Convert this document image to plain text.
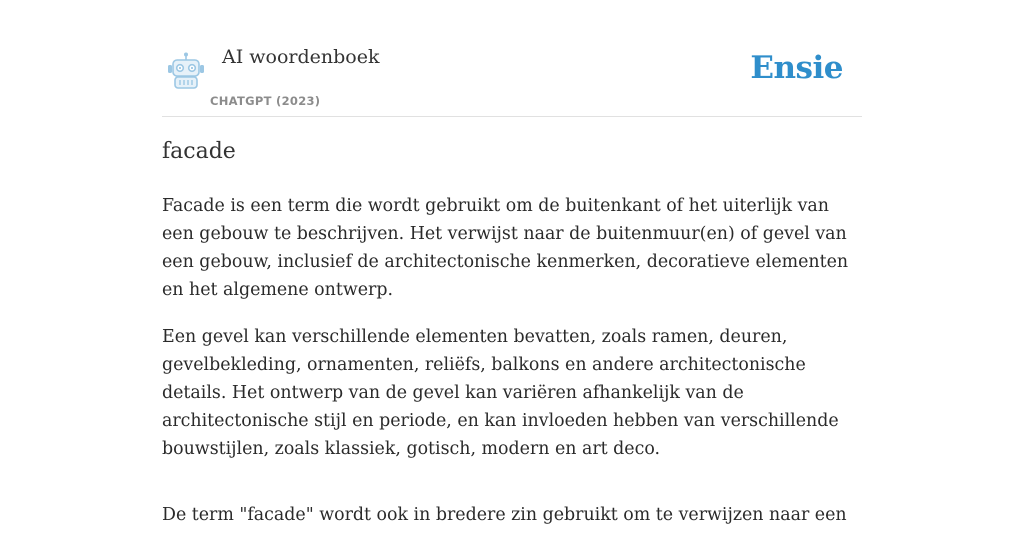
AI woordenboek
CHATGPT (2023)
Ensie
facade

Facade is een term die wordt gebruikt om de buitenkant of het uiterlijk van een gebouw te beschrijven. Het verwijst naar de buitenmuur(en) of gevel van een gebouw, inclusief de architectonische kenmerken, decoratieve elementen en het algemene ontwerp.

Een gevel kan verschillende elementen bevatten, zoals ramen, deuren, gevelbekleding, ornamenten, reliëfs, balkons en andere architectonische details. Het ontwerp van de gevel kan variëren afhankelijk van de architectonische stijl en periode, en kan invloeden hebben van verschillende bouwstijlen, zoals klassiek, gotisch, modern en art deco.

De term "facade" wordt ook in bredere zin gebruikt om te verwijzen naar een
